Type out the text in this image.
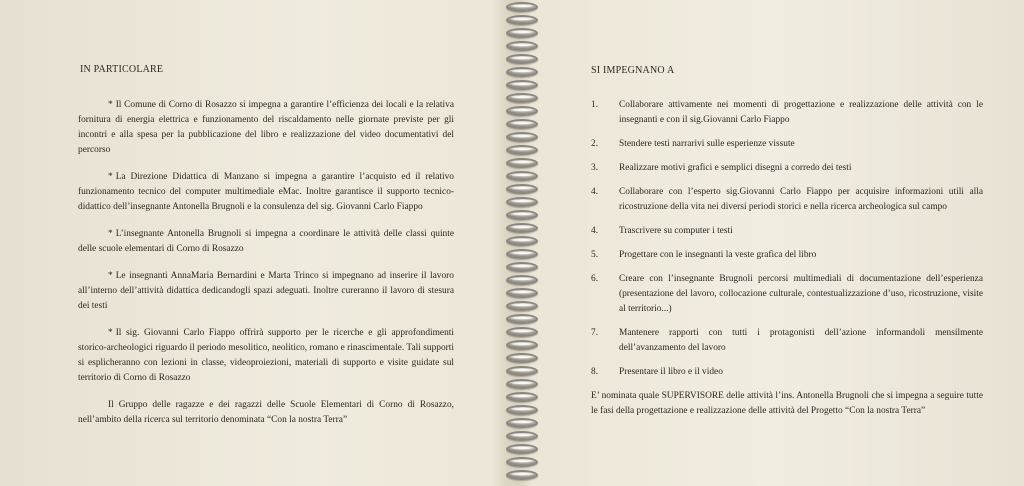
IN PARTICOLARE

* Il Comune di Corno di Rosazzo si impegna a garantire l’efficienza dei locali e la relativa fornitura di energia elettrica e funzionamento del riscaldamento nelle giornate previste per gli incontri e alla spesa per la pubblicazione del libro e realizzazione del video documentativi del percorso

* La Direzione Didattica di Manzano si impegna a garantire l’acquisto ed il relativo funzionamento tecnico del computer multimediale eMac. Inoltre garantisce il supporto tecnico-didattico dell’insegnante Antonella Brugnoli e la consulenza del sig. Giovanni Carlo Fiappo

* L’insegnante Antonella Brugnoli si impegna a coordinare le attività delle classi quinte delle scuole elementari di Corno di Rosazzo

* Le insegnanti AnnaMaria Bernardini e Marta Trinco si impegnano ad inserire il lavoro all’interno dell’attività didattica dedicandogli spazi adeguati. Inoltre cureranno il lavoro di stesura dei testi

* Il sig. Giovanni Carlo Fiappo offrirà supporto per le ricerche e gli approfondimenti storico-archeologici riguardo il periodo mesolitico, neolitico, romano e rinascimentale. Tali supporti si esplicheranno con lezioni in classe, videoproiezioni, materiali di supporto e visite guidate sul territorio di Corno di Rosazzo

Il Gruppo delle ragazze e dei ragazzi delle Scuole Elementari di Corno di Rosazzo, nell’ambito della ricerca sul territorio denominata “Con la nostra Terra”

SI IMPEGNANO A
1. Collaborare attivamente nei momenti di progettazione e realizzazione delle attività con le insegnanti e con il sig.Giovanni Carlo Fiappo
2. Stendere testi narrarivi sulle esperienze vissute
3. Realizzare motivi grafici e semplici disegni a corredo dei testi
4. Collaborare con l’esperto sig.Giovanni Carlo Fiappo per acquisire informazioni utili alla ricostruzione della vita nei diversi periodi storici e nella ricerca archeologica sul campo
4. Trascrivere su computer i testi
5. Progettare con le insegnanti la veste grafica del libro
6. Creare con l’insegnante Brugnoli percorsi multimediali di documentazione dell’esperienza (presentazione del lavoro, collocazione culturale, contestualizzazione d’uso, ricostruzione, visite al territorio...)
7. Mantenere rapporti con tutti i protagonisti dell’azione informandoli mensilmente dell’avanzamento del lavoro
8. Presentare il libro e il video
E’ nominata quale SUPERVISORE delle attività l’ins. Antonella Brugnoli che si impegna a seguire tutte le fasi della progettazione e realizzazione delle attività del Progetto “Con la nostra Terra”
